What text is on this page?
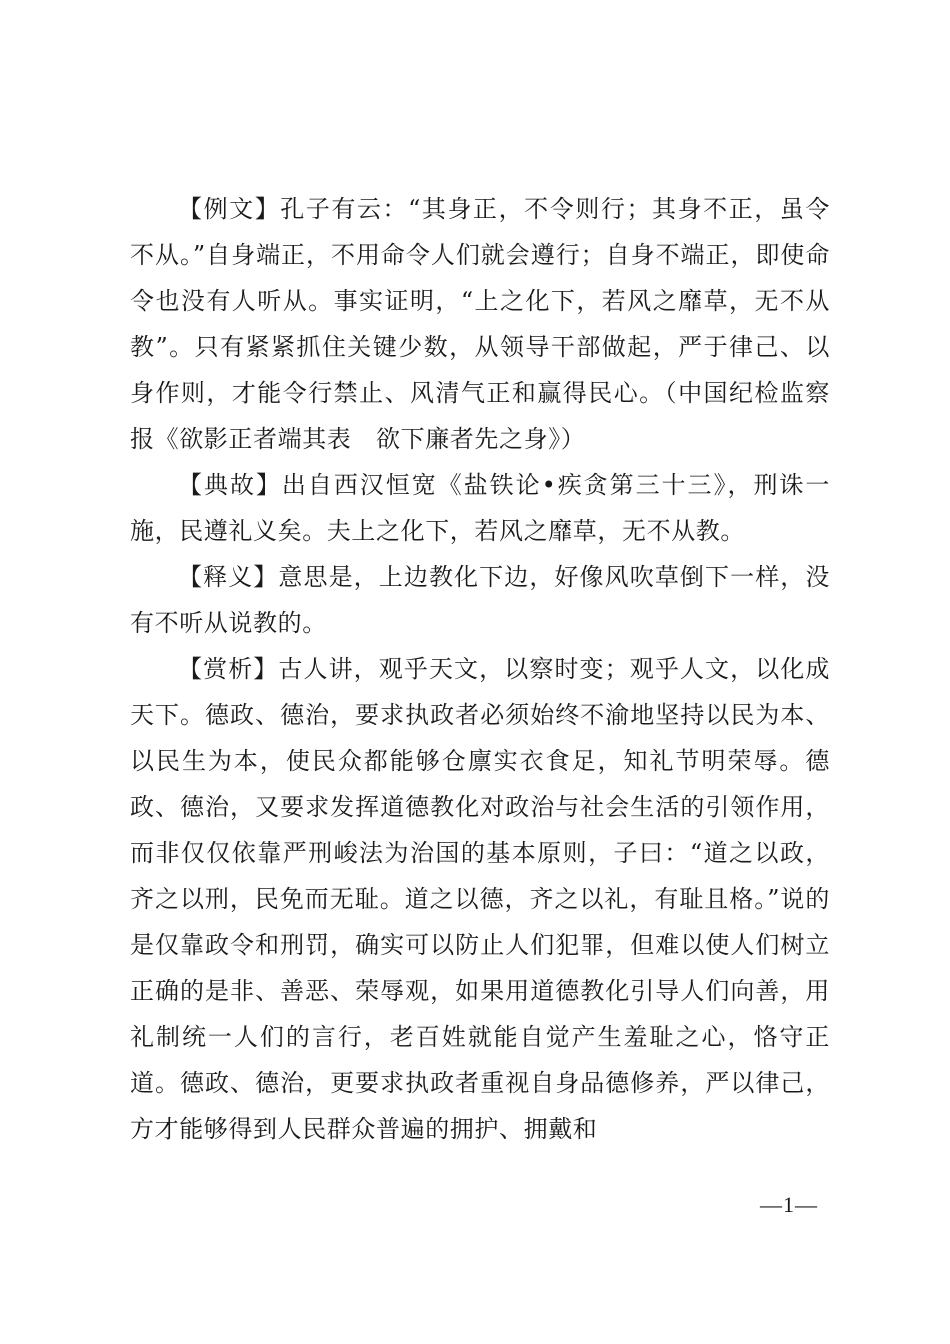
【例文】孔子有云：“其身正，不令则行；其身不正，虽令不从。”自身端正，不用命令人们就会遵行；自身不端正，即使命令也没有人听从。事实证明，“上之化下，若风之靡草，无不从教”。只有紧紧抓住关键少数，从领导干部做起，严于律己、以身作则，才能令行禁止、风清气正和赢得民心。（中国纪检监察报《欲影正者端其表　欲下廉者先之身》）

【典故】出自西汉恒宽《盐铁论•疾贪第三十三》，刑诛一施，民遵礼义矣。夫上之化下，若风之靡草，无不从教。

【释义】意思是，上边教化下边，好像风吹草倒下一样，没有不听从说教的。

【赏析】古人讲，观乎天文，以察时变；观乎人文，以化成天下。德政、德治，要求执政者必须始终不渝地坚持以民为本、以民生为本，使民众都能够仓廪实衣食足，知礼节明荣辱。德政、德治，又要求发挥道德教化对政治与社会生活的引领作用，而非仅仅依靠严刑峻法为治国的基本原则，子曰：“道之以政，齐之以刑，民免而无耻。道之以德，齐之以礼，有耻且格。”说的是仅靠政令和刑罚，确实可以防止人们犯罪，但难以使人们树立正确的是非、善恶、荣辱观，如果用道德教化引导人们向善，用礼制统一人们的言行，老百姓就能自觉产生羞耻之心，恪守正道。德政、德治，更要求执政者重视自身品德修养，严以律己，方才能够得到人民群众普遍的拥护、拥戴和

—1—
